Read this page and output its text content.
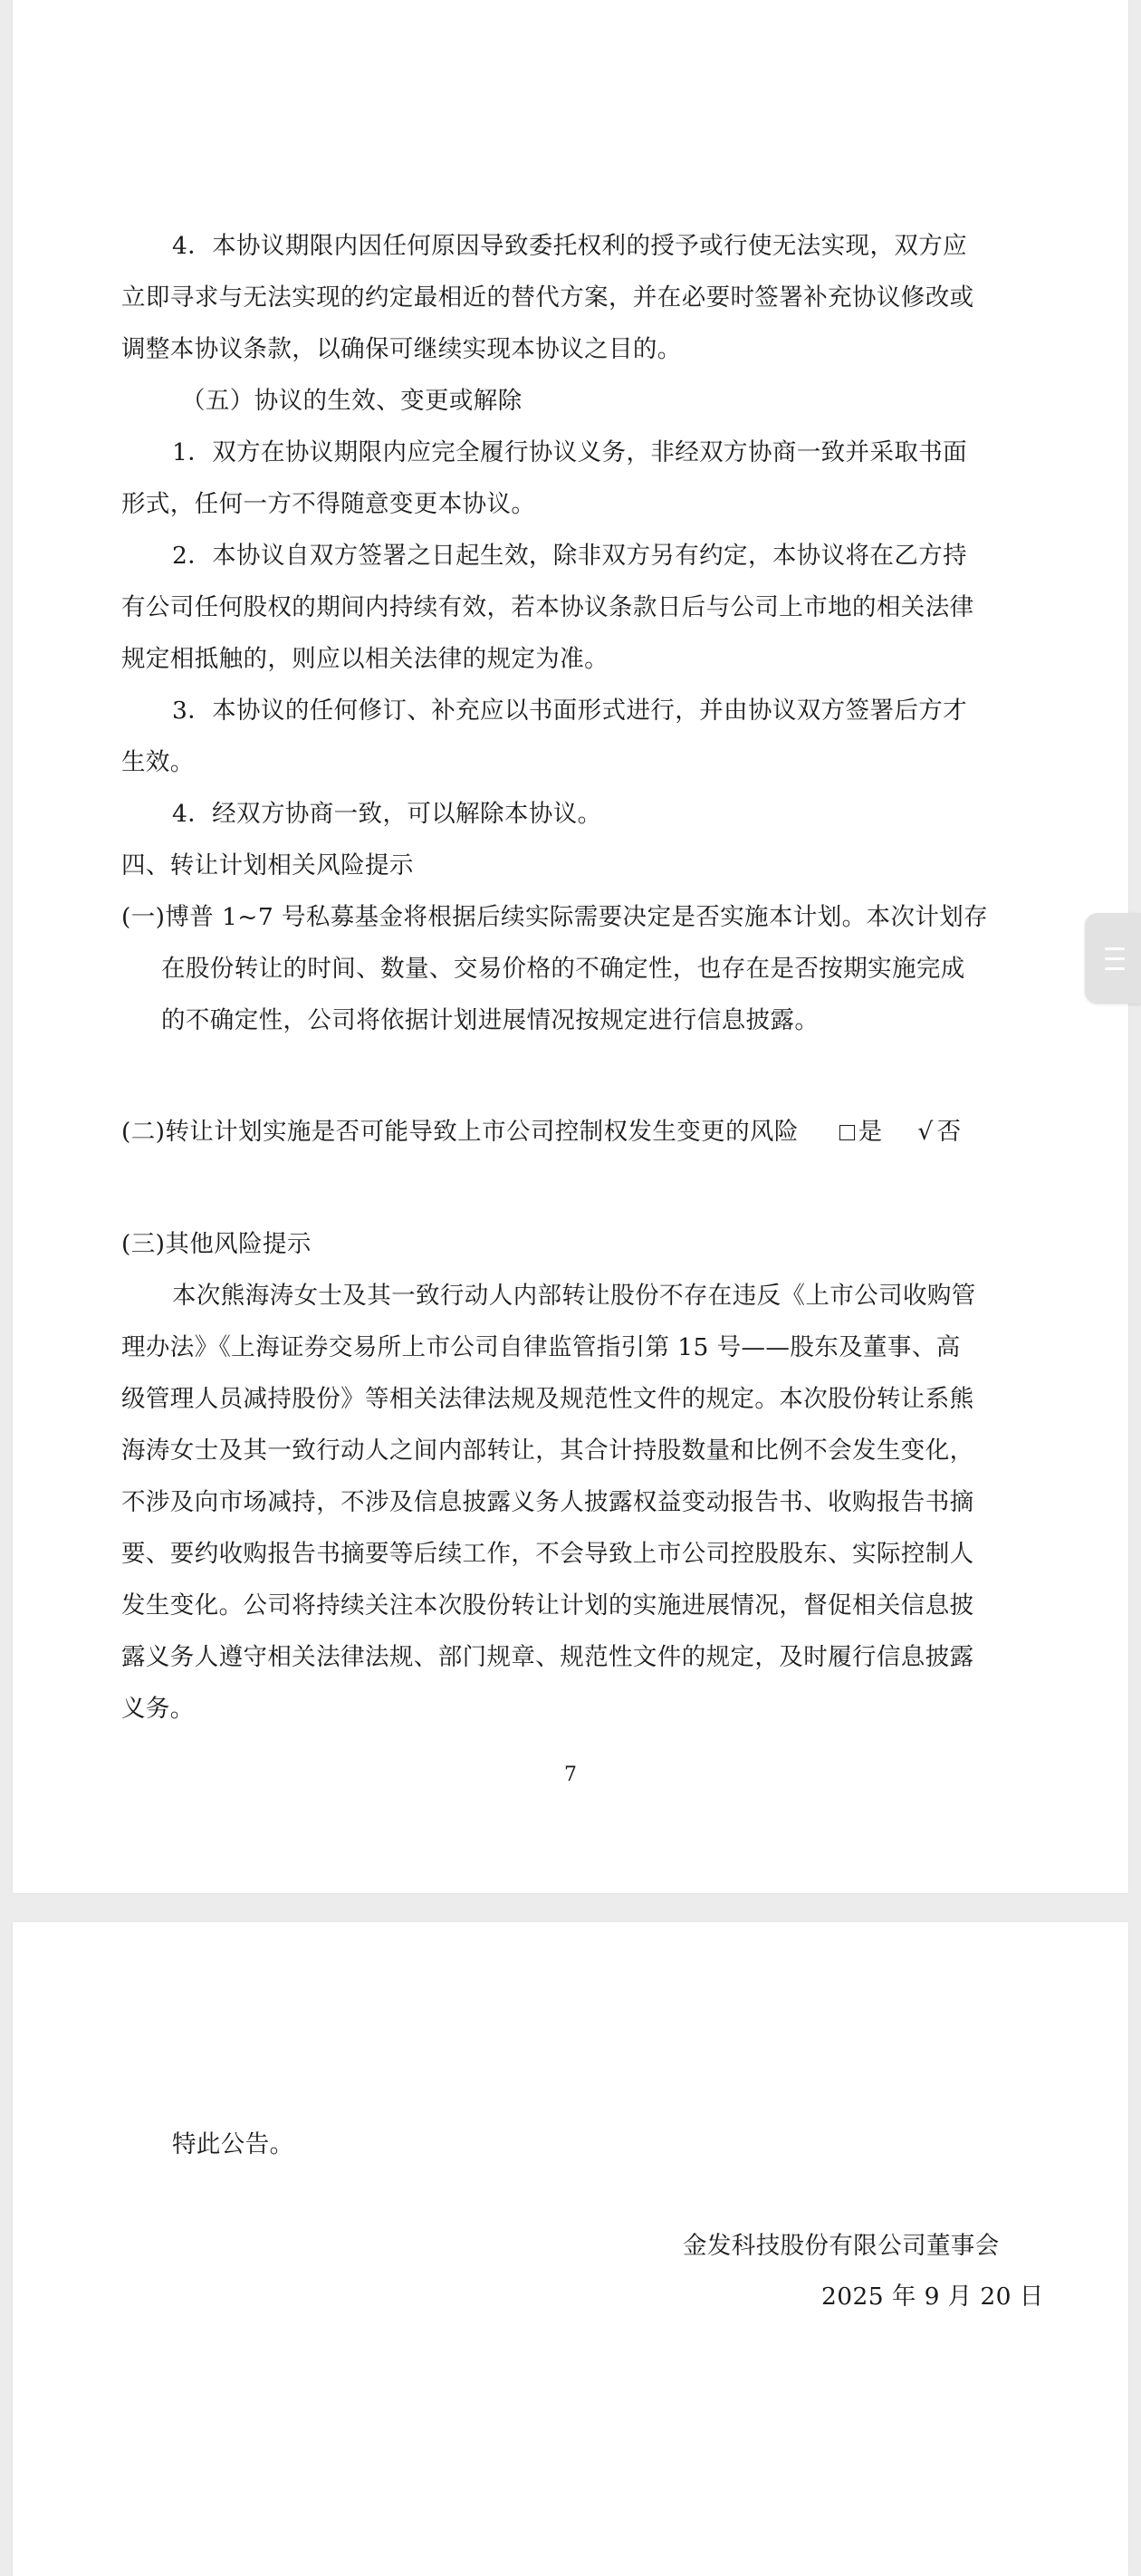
4．本协议期限内因任何原因导致委托权利的授予或行使无法实现，双方应
立即寻求与无法实现的约定最相近的替代方案，并在必要时签署补充协议修改或
调整本协议条款，以确保可继续实现本协议之目的。
（五）协议的生效、变更或解除
1．双方在协议期限内应完全履行协议义务，非经双方协商一致并采取书面
形式，任何一方不得随意变更本协议。
2．本协议自双方签署之日起生效，除非双方另有约定，本协议将在乙方持
有公司任何股权的期间内持续有效，若本协议条款日后与公司上市地的相关法律
规定相抵触的，则应以相关法律的规定为准。
3．本协议的任何修订、补充应以书面形式进行，并由协议双方签署后方才
生效。
4．经双方协商一致，可以解除本协议。
四、转让计划相关风险提示
(一)博普 1~7 号私募基金将根据后续实际需要决定是否实施本计划。本次计划存
在股份转让的时间、数量、交易价格的不确定性，也存在是否按期实施完成
的不确定性，公司将依据计划进展情况按规定进行信息披露。
(二)转让计划实施是否可能导致上市公司控制权发生变更的风险 是 √ 否
(三)其他风险提示
本次熊海涛女士及其一致行动人内部转让股份不存在违反《上市公司收购管
理办法》《上海证券交易所上市公司自律监管指引第 15 号——股东及董事、高
级管理人员减持股份》等相关法律法规及规范性文件的规定。本次股份转让系熊
海涛女士及其一致行动人之间内部转让，其合计持股数量和比例不会发生变化，
不涉及向市场减持，不涉及信息披露义务人披露权益变动报告书、收购报告书摘
要、要约收购报告书摘要等后续工作，不会导致上市公司控股股东、实际控制人
发生变化。公司将持续关注本次股份转让计划的实施进展情况，督促相关信息披
露义务人遵守相关法律法规、部门规章、规范性文件的规定，及时履行信息披露
义务。
7
特此公告。
金发科技股份有限公司董事会
2025 年 9 月 20 日
